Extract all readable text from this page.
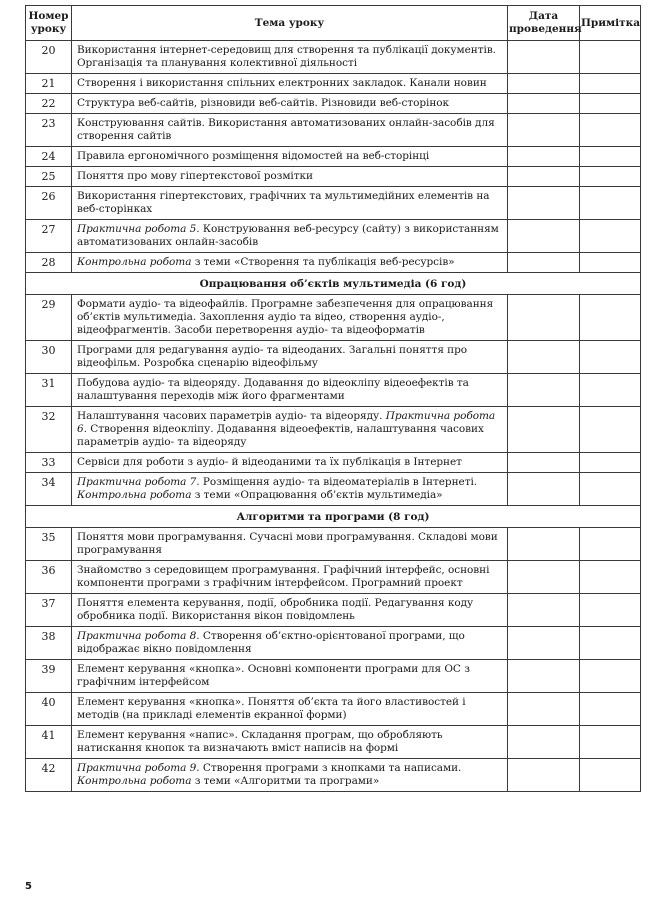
Номер уроку	Тема уроку	Дата проведення	Примітка
20	Використання інтернет-середовищ для створення та публікації документів. Організація та планування колективної діяльності		
21	Створення і використання спільних електронних закладок. Канали новин		
22	Структура веб-сайтів, різновиди веб-сайтів. Різновиди веб-сторінок		
23	Конструювання сайтів. Використання автоматизованих онлайн-засобів для створення сайтів		
24	Правила ергономічного розміщення відомостей на веб-сторінці		
25	Поняття про мову гіпертекстової розмітки		
26	Використання гіпертекстових, графічних та мультимедійних елементів на веб-сторінках		
27	Практична робота 5. Конструювання веб-ресурсу (сайту) з використанням автоматизованих онлайн-засобів		
28	Контрольна робота з теми «Створення та публікація веб-ресурсів»		
Опрацювання об’єктів мультимедіа (6 год)			
29	Формати аудіо- та відеофайлів. Програмне забезпечення для опрацювання об’єктів мультимедіа. Захоплення аудіо та відео, створення аудіо-, відеофрагментів. Засоби перетворення аудіо- та відеоформатів		
30	Програми для редагування аудіо- та відеоданих. Загальні поняття про відеофільм. Розробка сценарію відеофільму		
31	Побудова аудіо- та відеоряду. Додавання до відеокліпу відеоефектів та налаштування переходів між його фрагментами		
32	Налаштування часових параметрів аудіо- та відеоряду. Практична робота 6. Створення відеокліпу. Додавання відеоефектів, налаштування часових параметрів аудіо- та відеоряду		
33	Сервіси для роботи з аудіо- й відеоданими та їх публікація в Інтернет		
34	Практична робота 7. Розміщення аудіо- та відеоматеріалів в Інтернеті. Контрольна робота з теми «Опрацювання об’єктів мультимедіа»		
Алгоритми та програми (8 год)			
35	Поняття мови програмування. Сучасні мови програмування. Складові мови програмування		
36	Знайомство з середовищем програмування. Графічний інтерфейс, основні компоненти програми з графічним інтерфейсом. Програмний проект		
37	Поняття елемента керування, події, обробника події. Редагування коду обробника події. Використання вікон повідомлень		
38	Практична робота 8. Створення об’єктно-орієнтованої програми, що відображає вікно повідомлення		
39	Елемент керування «кнопка». Основні компоненти програми для ОС з графічним інтерфейсом		
40	Елемент керування «кнопка». Поняття об’єкта та його властивостей і методів (на прикладі елементів екранної форми)		
41	Елемент керування «напис». Складання програм, що обробляють натискання кнопок та визначають вміст написів на формі		
42	Практична робота 9. Створення програми з кнопками та написами. Контрольна робота з теми «Алгоритми та програми»		
5
